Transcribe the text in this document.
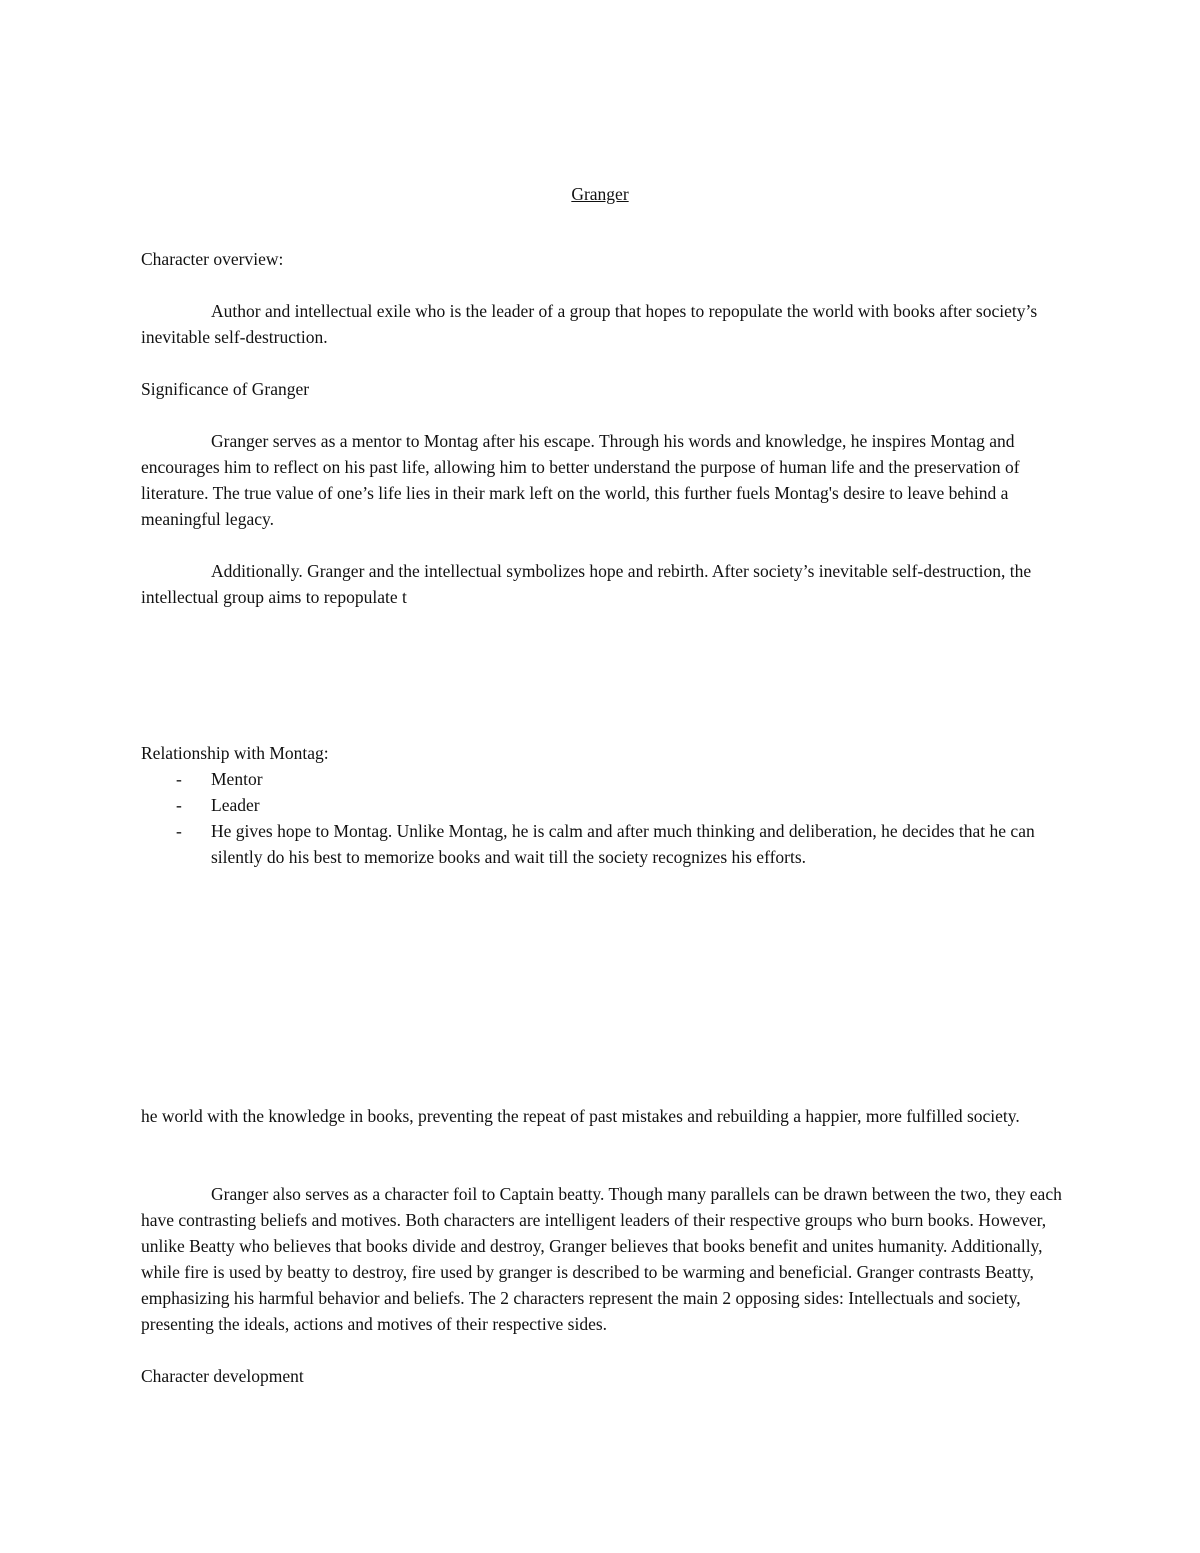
Granger

Character overview:

Author and intellectual exile who is the leader of a group that hopes to repopulate the world with books after society’s inevitable self-destruction.

Significance of Granger

Granger serves as a mentor to Montag after his escape. Through his words and knowledge, he inspires Montag and encourages him to reflect on his past life, allowing him to better understand the purpose of human life and the preservation of literature. The true value of one’s life lies in their mark left on the world, this further fuels Montag's desire to leave behind a meaningful legacy.

Additionally. Granger and the intellectual symbolizes hope and rebirth. After society’s inevitable self-destruction, the intellectual group aims to repopulate t

Relationship with Montag:

- Mentor
- Leader
- He gives hope to Montag. Unlike Montag, he is calm and after much thinking and deliberation, he decides that he can silently do his best to memorize books and wait till the society recognizes his efforts.

he world with the knowledge in books, preventing the repeat of past mistakes and rebuilding a happier, more fulfilled society.

Granger also serves as a character foil to Captain beatty. Though many parallels can be drawn between the two, they each have contrasting beliefs and motives. Both characters are intelligent leaders of their respective groups who burn books. However, unlike Beatty who believes that books divide and destroy, Granger believes that books benefit and unites humanity. Additionally, while fire is used by beatty to destroy, fire used by granger is described to be warming and beneficial. Granger contrasts Beatty, emphasizing his harmful behavior and beliefs. The 2 characters represent the main 2 opposing sides: Intellectuals and society, presenting the ideals, actions and motives of their respective sides.

Character development
